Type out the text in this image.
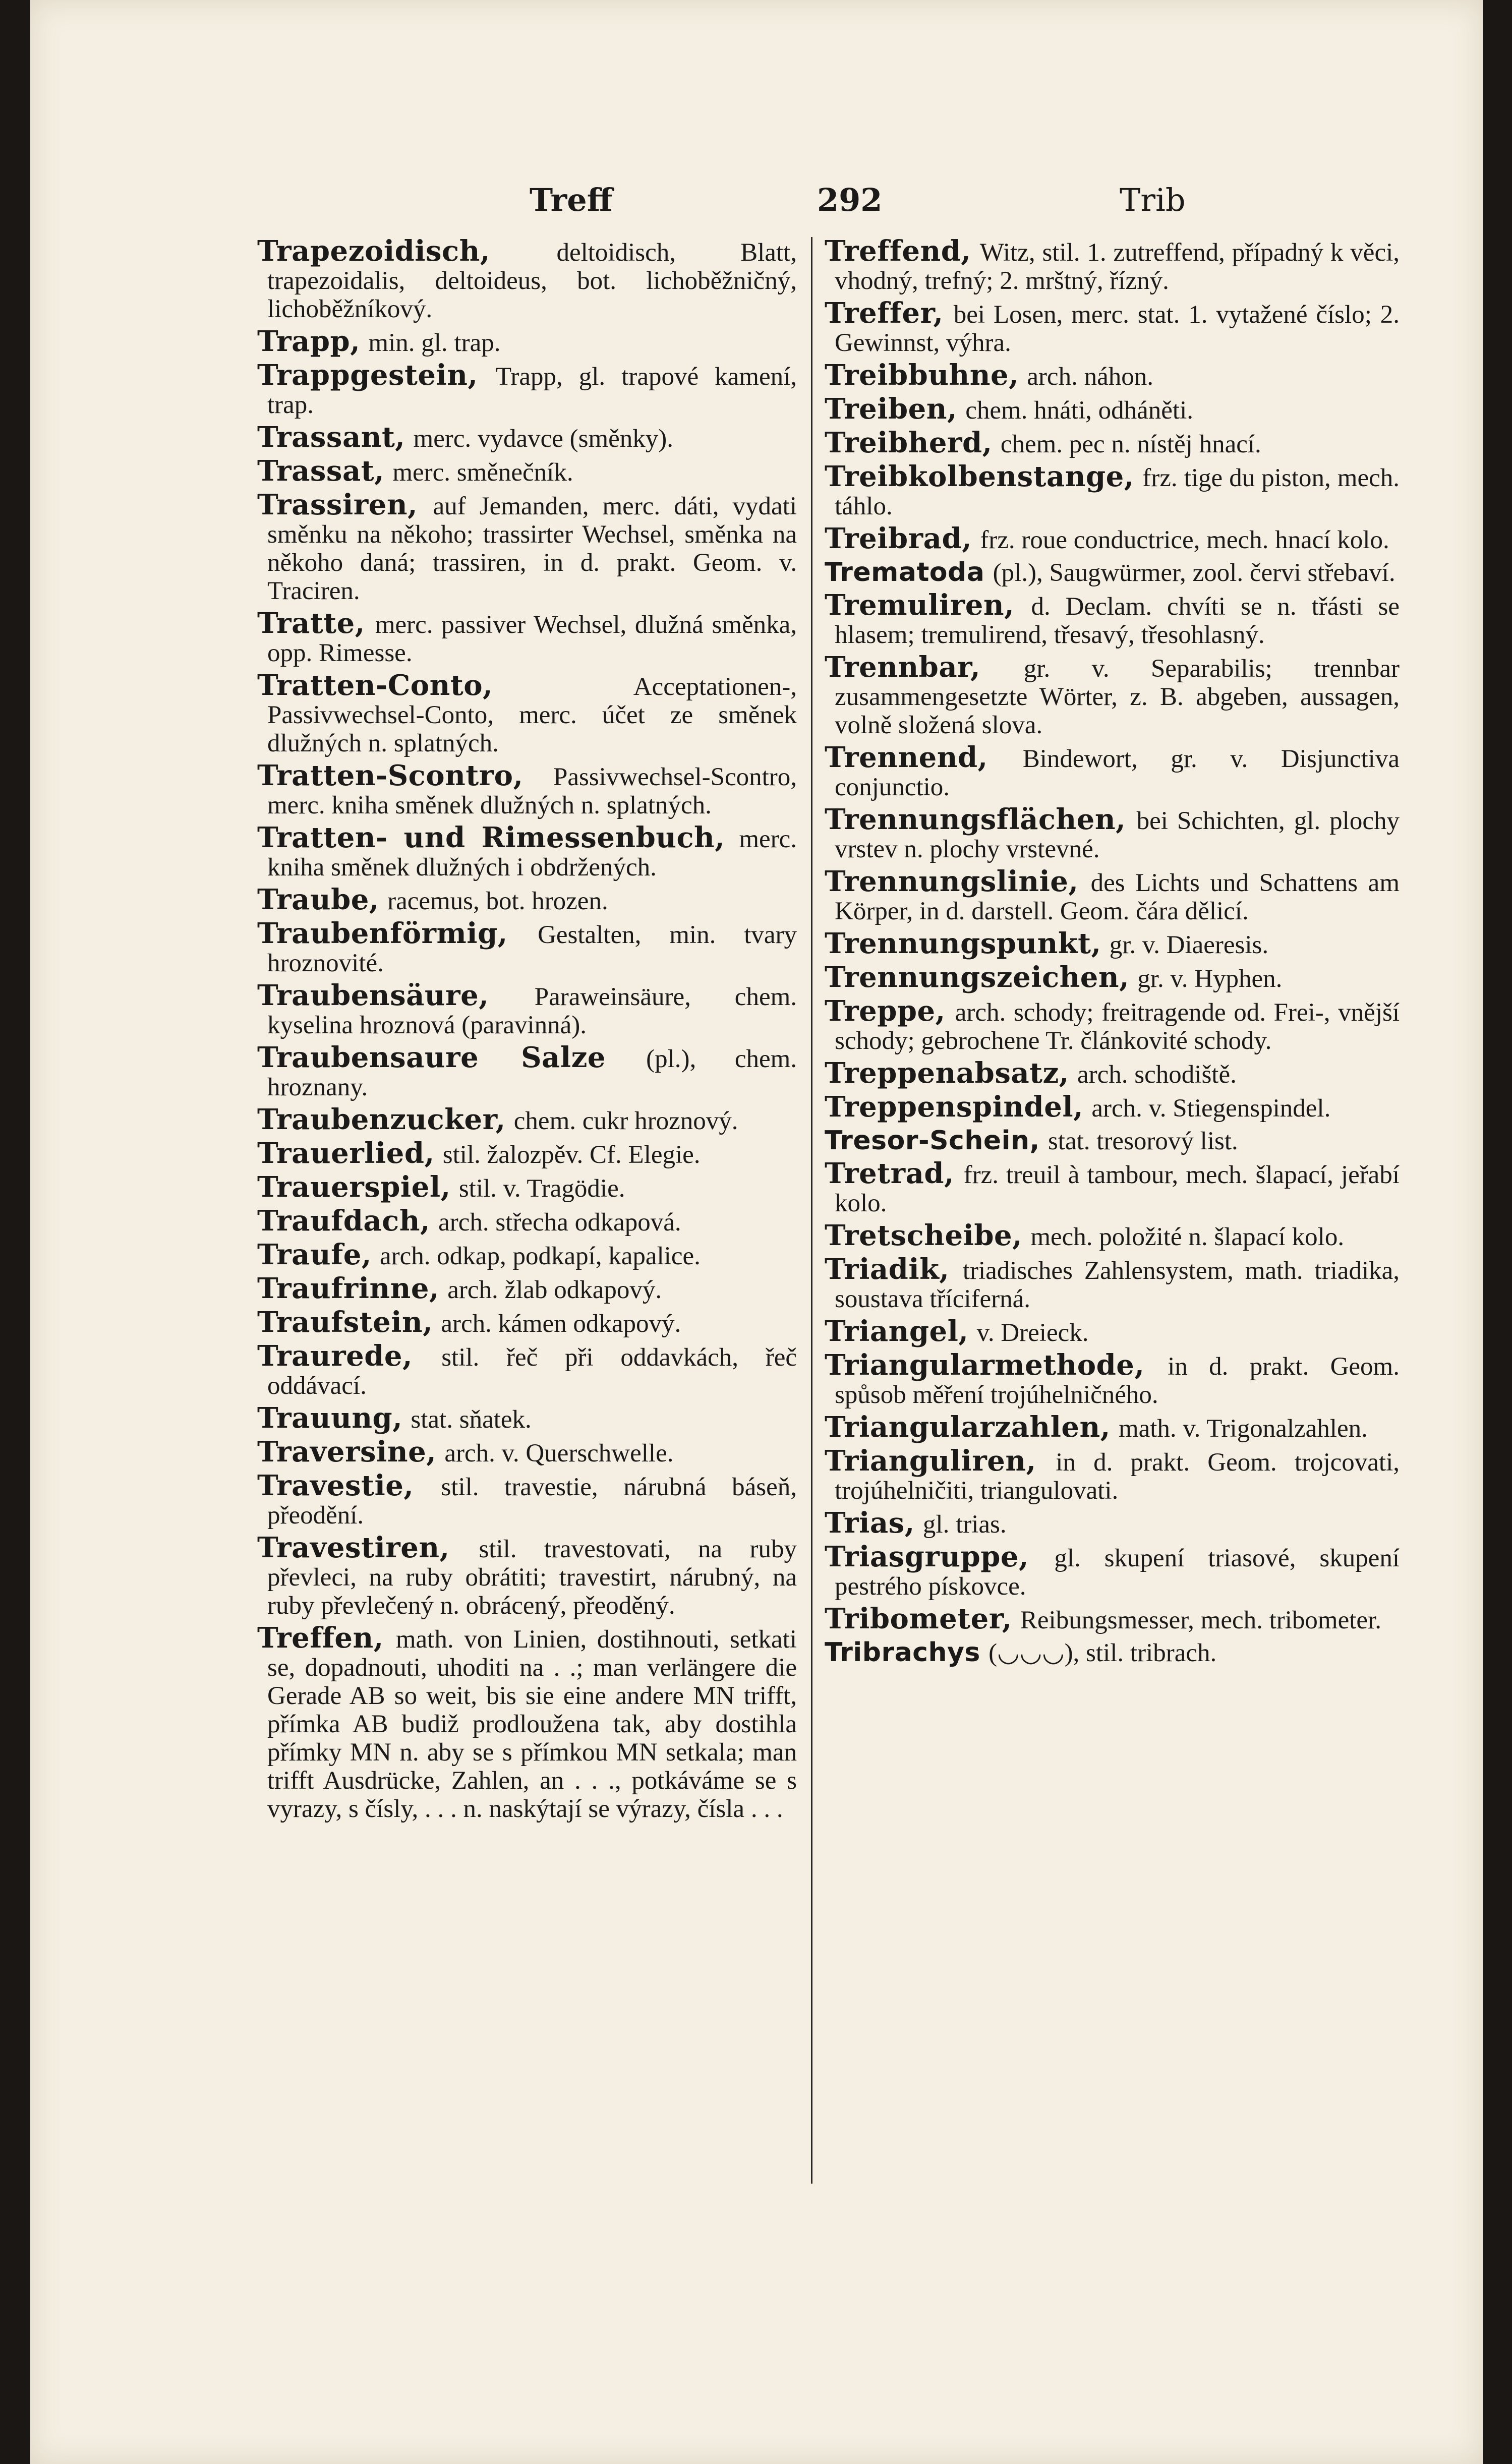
Treff	292	Trib
Trapezoidisch,	deltoidisch, Blatt, trapezoidalis, deltoideus, bot. lichoběžničný, lichoběžníkový.
Trapp, min. gl. trap.
Trappgestein, Trapp, gl. trapové kamení, trap.
Trassant, merc. vydavce (směnky).
Trassat, merc. směnečník.
Trassiren, auf Jemanden, merc. dáti, vydati směnku na někoho; trassirter Wechsel, směnka na někoho daná; trassiren, in d. prakt. Geom. v. Traciren.
Tratte, merc. passiver Wechsel, dlužná směnka, opp. Rimesse.
Tratten-Conto,	Acceptationen-, Passivwechsel-Conto, merc. účet ze směnek dlužných n. splatných.
Tratten-Scontro, Passivwechsel-Scontro, merc. kniha směnek dlužných n. splatných.
Tratten- und Rimessenbuch, merc. kniha směnek dlužných i obdržených.
Traube, racemus, bot. hrozen.
Traubenförmig, Gestalten, min. tvary hroznovité.
Traubensäure, Paraweinsäure, chem. kyselina hroznová (paravinná).
Traubensaure Salze (pl.), chem. hroznany.
Traubenzucker, chem. cukr hroznový.
Trauerlied, stil. žalozpěv. Cf. Elegie.
Trauerspiel, stil. v. Tragödie.
Traufdach, arch. střecha odkapová.
Traufe, arch. odkap, podkapí, kapalice.
Traufrinne, arch. žlab odkapový.
Traufstein, arch. kámen odkapový.
Traurede, stil. řeč při oddavkách, řeč oddávací.
Trauung, stat. sňatek.
Traversine, arch. v. Querschwelle.
Travestie, stil. travestie, nárubná báseň, přeodění.
Travestiren, stil. travestovati, na ruby převleci, na ruby obrátiti; travestirt, nárubný, na ruby převlečený n. obrácený, přeoděný.
Treffen, math. von Linien, dostihnouti, setkati se, dopadnouti, uhoditi na . .; man verlängere die Gerade AB so weit, bis sie eine andere MN trifft, přímka AB budiž prodloužena tak, aby dostihla přímky MN n. aby se s přímkou MN setkala; man trifft Ausdrücke, Zahlen, an . . ., potkáváme se s vyrazy, s čísly, . . . n. naskýtají se výrazy, čísla . . .
Treffend, Witz, stil. 1. zutreffend, případný k věci, vhodný, trefný; 2. mrštný, řízný.
Treffer, bei Losen, merc. stat. 1. vytažené číslo; 2. Gewinnst, výhra.
Treibbuhne, arch. náhon.
Treiben, chem. hnáti, odháněti.
Treibherd, chem. pec n. nístěj hnací.
Treibkolbenstange, frz. tige du piston, mech. táhlo.
Treibrad, frz. roue conductrice, mech. hnací kolo.
Trematoda (pl.), Saugwürmer, zool. červi střebaví.
Tremuliren, d. Declam. chvíti se n. třásti se hlasem; tremulirend, třesavý, třesohlasný.
Trennbar, gr. v. Separabilis; trennbar zusammengesetzte Wörter, z. B. abgeben, aussagen, volně složená slova.
Trennend, Bindewort, gr. v. Disjunctiva conjunctio.
Trennungsflächen, bei Schichten, gl. plochy vrstev n. plochy vrstevné.
Trennungslinie, des Lichts und Schattens am Körper, in d. darstell. Geom. čára dělicí.
Trennungspunkt, gr. v. Diaeresis.
Trennungszeichen, gr. v. Hyphen.
Treppe, arch. schody; freitragende od. Frei-, vnější schody; gebrochene Tr. článkovité schody.
Treppenabsatz, arch. schodiště.
Treppenspindel, arch. v. Stiegenspindel.
Tresor-Schein, stat. tresorový list.
Tretrad, frz. treuil à tambour, mech. šlapací, jeřabí kolo.
Tretscheibe, mech. položité n. šlapací kolo.
Triadik, triadisches Zahlensystem, math. triadika, soustava tříciferná.
Triangel, v. Dreieck.
Triangularmethode, in d. prakt. Geom. spůsob měření trojúhelničného.
Triangularzahlen, math. v. Trigonalzahlen.
Trianguliren, in d. prakt. Geom. trojcovati, trojúhelničiti, triangulovati.
Trias, gl. trias.
Triasgruppe, gl. skupení triasové, skupení pestrého pískovce.
Tribometer, Reibungsmesser, mech. tribometer.
Tribrachys (◡◡◡), stil. tribrach.
